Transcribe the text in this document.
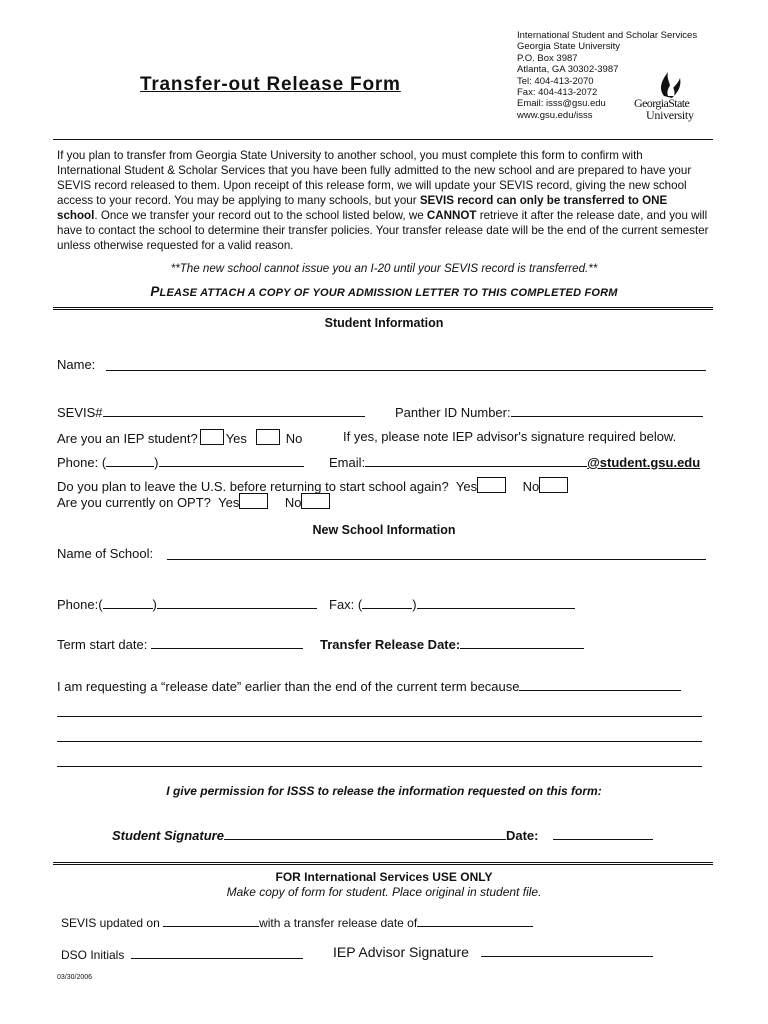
Transfer-out Release Form
International Student and Scholar Services
Georgia State University
P.O. Box 3987
Atlanta, GA 30302-3987
Tel: 404-413-2070
Fax: 404-413-2072
Email: isss@gsu.edu
www.gsu.edu/isss
GeorgiaState
University
If you plan to transfer from Georgia State University to another school, you must complete this form to confirm with International Student & Scholar Services that you have been fully admitted to the new school and are prepared to have your SEVIS record released to them. Upon receipt of this release form, we will update your SEVIS record, giving the new school access to your record. You may be applying to many schools, but your SEVIS record can only be transferred to ONE school. Once we transfer your record out to the school listed below, we CANNOT retrieve it after the release date, and you will have to contact the school to determine their transfer policies. Your transfer release date will be the end of the current semester unless otherwise requested for a valid reason.
**The new school cannot issue you an I-20 until your SEVIS record is transferred.**
PLEASE ATTACH A COPY OF YOUR ADMISSION LETTER TO THIS COMPLETED FORM
Student Information
Name:
SEVIS#	Panther ID Number:
Are you an IEP student? Yes	No	If yes, please note IEP advisor's signature required below.
Phone: (	)	Email:	@student.gsu.edu
Do you plan to leave the U.S. before returning to start school again? Yes	No
Are you currently on OPT? Yes	No
New School Information
Name of School:
Phone:(	)	Fax: (	)
Term start date:	Transfer Release Date:
I am requesting a “release date” earlier than the end of the current term because
I give permission for ISSS to release the information requested on this form:
Student Signature	Date:
FOR International Services USE ONLY
Make copy of form for student. Place original in student file.
SEVIS updated on	with a transfer release date of
DSO Initials	IEP Advisor Signature
03/30/2006
